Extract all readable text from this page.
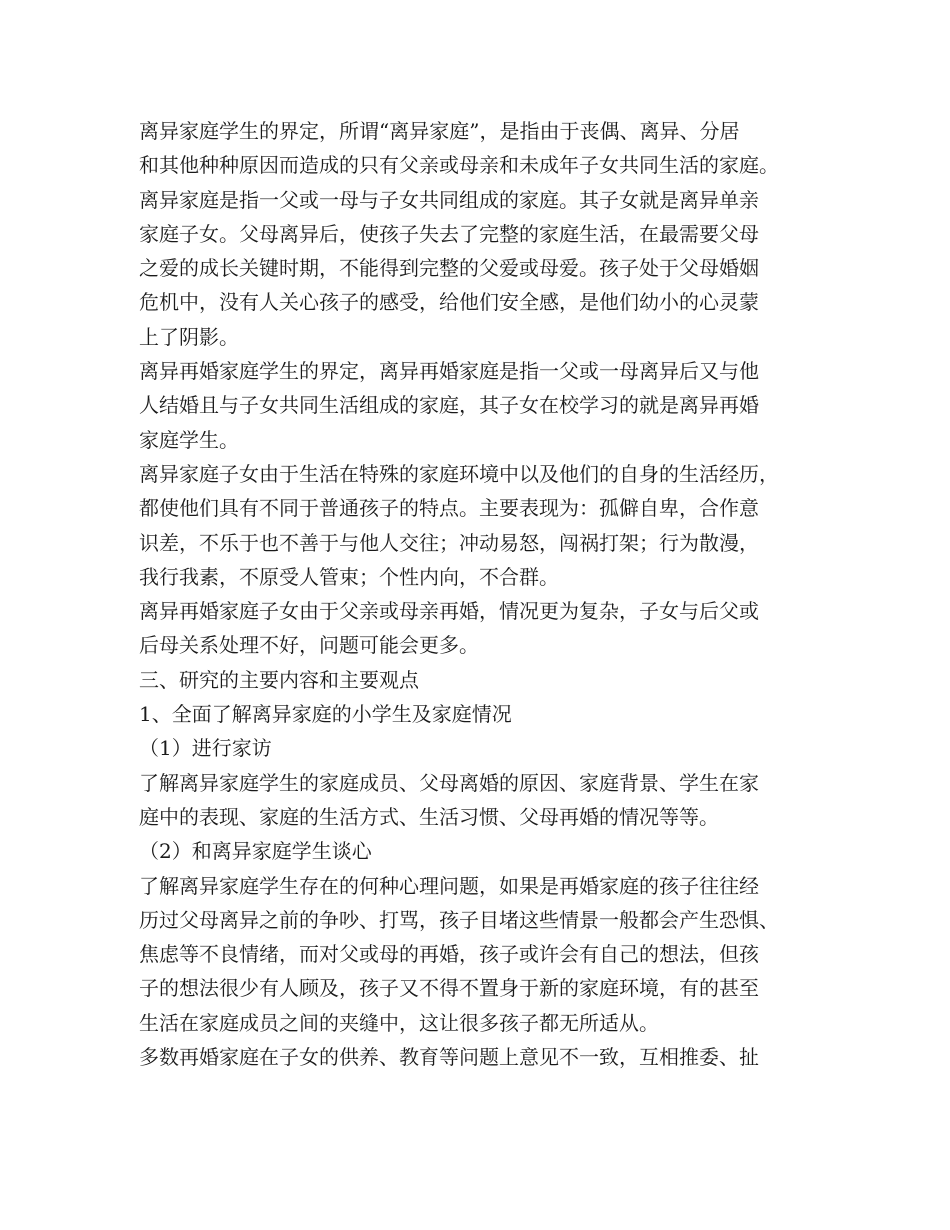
离异家庭学生的界定，所谓“离异家庭”，是指由于丧偶、离异、分居
和其他种种原因而造成的只有父亲或母亲和未成年子女共同生活的家庭。
离异家庭是指一父或一母与子女共同组成的家庭。其子女就是离异单亲
家庭子女。父母离异后，使孩子失去了完整的家庭生活，在最需要父母
之爱的成长关键时期，不能得到完整的父爱或母爱。孩子处于父母婚姻
危机中，没有人关心孩子的感受，给他们安全感，是他们幼小的心灵蒙
上了阴影。
离异再婚家庭学生的界定，离异再婚家庭是指一父或一母离异后又与他
人结婚且与子女共同生活组成的家庭，其子女在校学习的就是离异再婚
家庭学生。
离异家庭子女由于生活在特殊的家庭环境中以及他们的自身的生活经历，
都使他们具有不同于普通孩子的特点。主要表现为：孤僻自卑，合作意
识差，不乐于也不善于与他人交往；冲动易怒，闯祸打架；行为散漫，
我行我素，不原受人管束；个性内向，不合群。
离异再婚家庭子女由于父亲或母亲再婚，情况更为复杂，子女与后父或
后母关系处理不好，问题可能会更多。
三、研究的主要内容和主要观点
1、全面了解离异家庭的小学生及家庭情况
（1）进行家访
了解离异家庭学生的家庭成员、父母离婚的原因、家庭背景、学生在家
庭中的表现、家庭的生活方式、生活习惯、父母再婚的情况等等。
（2）和离异家庭学生谈心
了解离异家庭学生存在的何种心理问题，如果是再婚家庭的孩子往往经
历过父母离异之前的争吵、打骂，孩子目堵这些情景一般都会产生恐惧、
焦虑等不良情绪，而对父或母的再婚，孩子或许会有自己的想法，但孩
子的想法很少有人顾及，孩子又不得不置身于新的家庭环境，有的甚至
生活在家庭成员之间的夹缝中，这让很多孩子都无所适从。
多数再婚家庭在子女的供养、教育等问题上意见不一致，互相推委、扯
